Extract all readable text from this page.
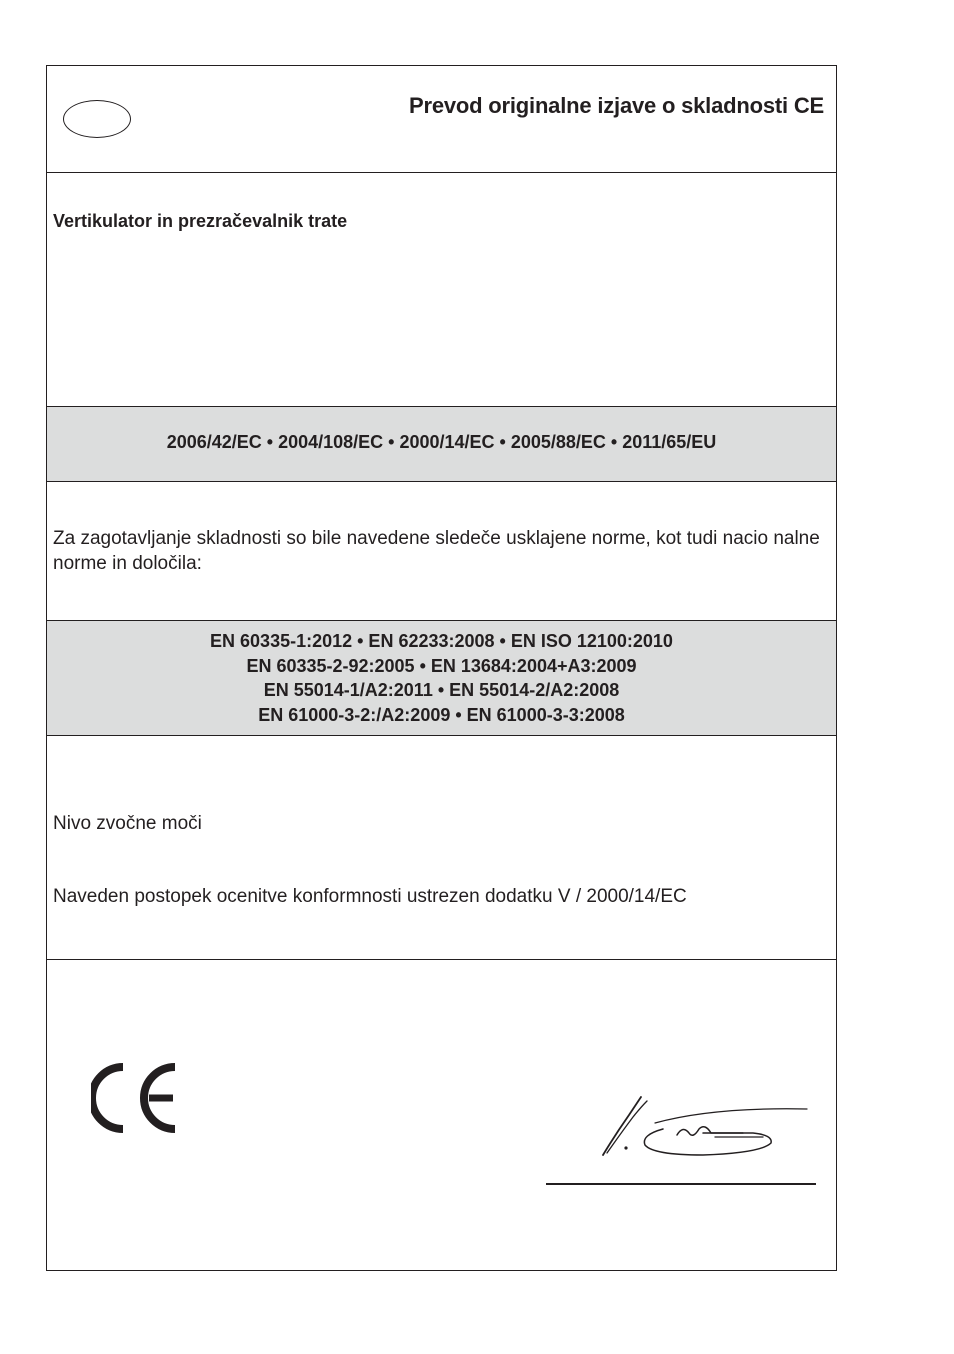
Prevod originalne izjave o skladnosti CE
Vertikulator in prezračevalnik trate
2006/42/EC • 2004/108/EC • 2000/14/EC • 2005/88/EC • 2011/65/EU
Za zagotavljanje skladnosti so bile navedene sledeče usklajene norme, kot tudi nacio nalne norme in določila:
EN 60335-1:2012 • EN 62233:2008 • EN ISO 12100:2010
EN 60335-2-92:2005 • EN 13684:2004+A3:2009
EN 55014-1/A2:2011 • EN 55014-2/A2:2008
EN 61000-3-2:/A2:2009 • EN 61000-3-3:2008
Nivo zvočne moči
Naveden postopek ocenitve konformnosti ustrezen dodatku V / 2000/14/EC
